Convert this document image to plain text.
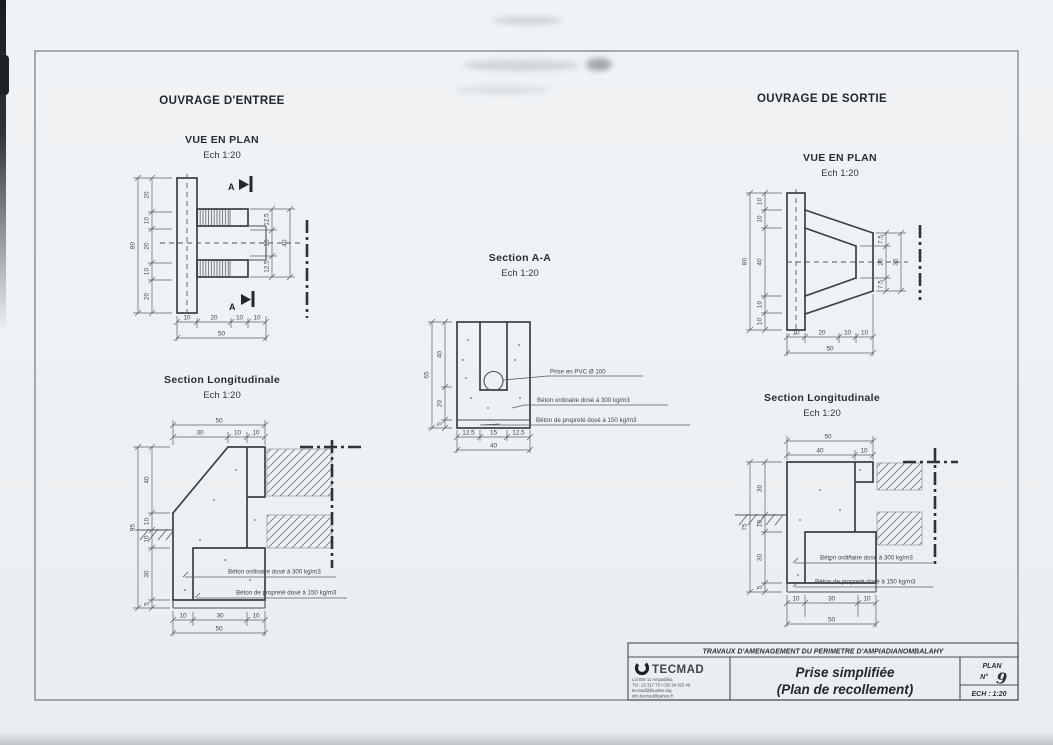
OUVRAGE D'ENTREE
VUE EN PLAN
Ech 1:20
A
A
20
10
20
10
20
80
12.5
15
12.5
40
10	20	10 10
50
Section Longitudinale
Ech 1:20
50
30	10 10
40
10
10
30
5
95
10	30	10
50
Béton ordinaire dosé à 300 kg/m3
Béton de propreté dosé à 150 kg/m3
Section A-A
Ech 1:20
40
20
5
65
12.5 15 12.5
40
Prise en PVC Ø 100
Béton ordinaire dosé à 300 kg/m3
Béton de propreté dosé à 150 kg/m3
OUVRAGE DE SORTIE
VUE EN PLAN
Ech 1:20
10
10
40
10
10
80
7.5
20
7.5
35
10	20	10 10
50
Section Longitudinale
Ech 1:20
50
40	10
30
10
30
5
75
10	30	10
50
Béton ordinaire dosé à 300 kg/m3
Béton de propreté dosé à 150 kg/m3
TRAVAUX D'AMENAGEMENT DU PERIMETRE D'AMPIADIANOMBALAHY
TECMAD
Lot BW 11 Ampasilika
Tél : 22 317 75 / 032 04 923 49
tecmad@blueline.mg
info.tecmad@yahoo.fr
Prise simplifiée
(Plan de recollement)
PLAN
N° 9
ECH : 1:20
